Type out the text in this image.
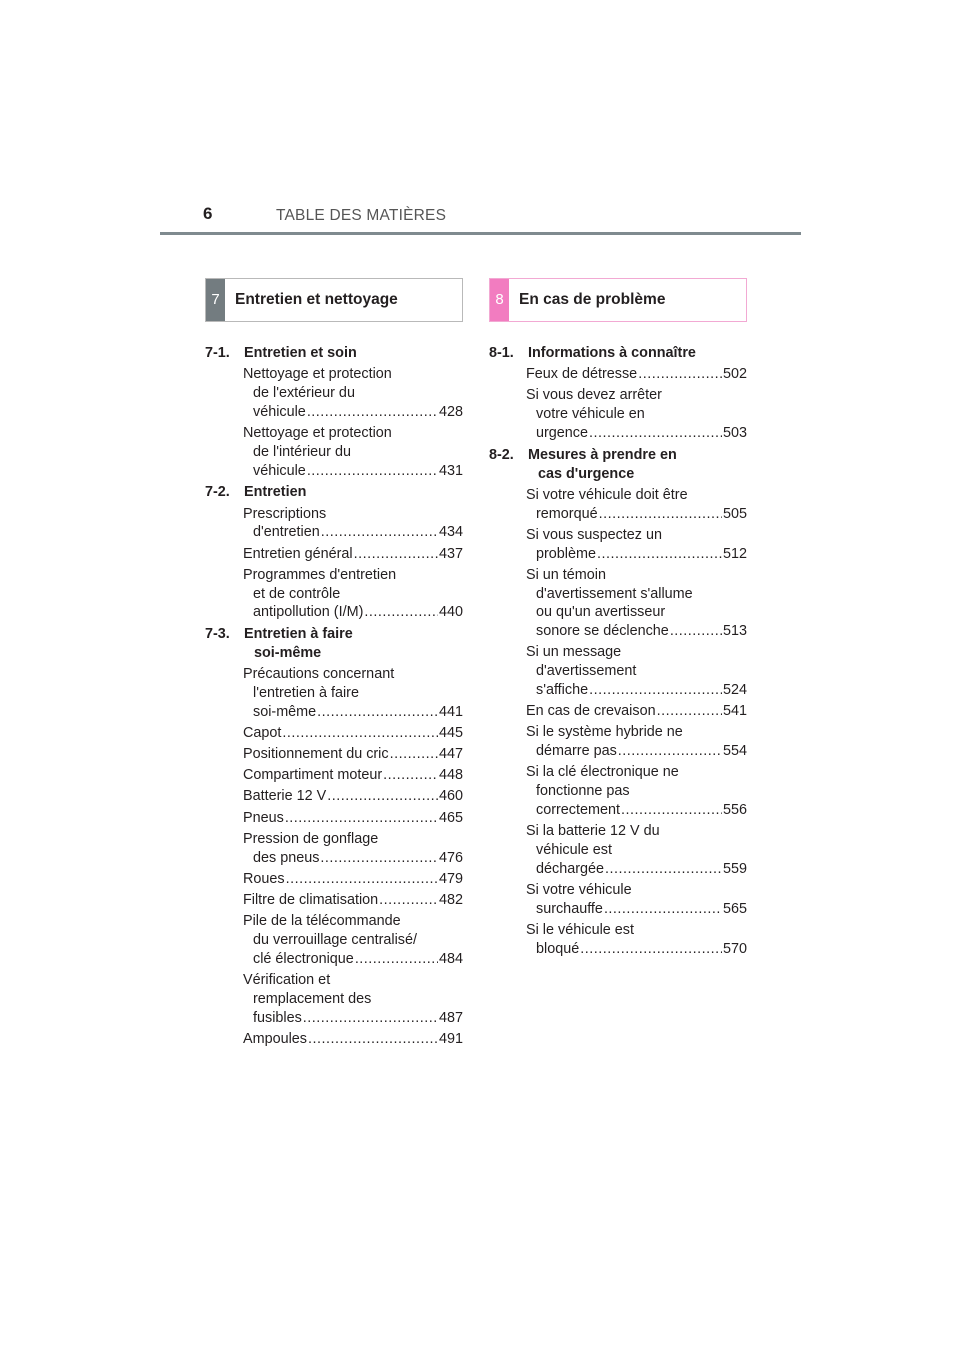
6	TABLE DES MATIÈRES
7 Entretien et nettoyage
7-1. Entretien et soin
Nettoyage et protection
de l'extérieur du
véhicule .....	428
Nettoyage et protection
de l'intérieur du
véhicule .....	431
7-2. Entretien
Prescriptions
d'entretien .....	434
Entretien général .....	437
Programmes d'entretien
et de contrôle
antipollution (I/M) .....	440
7-3. Entretien à faire
soi-même
Précautions concernant
l'entretien à faire
soi-même .....	441
Capot .....	445
Positionnement du cric .....	447
Compartiment moteur .....	448
Batterie 12 V .....	460
Pneus .....	465
Pression de gonflage
des pneus .....	476
Roues .....	479
Filtre de climatisation .....	482
Pile de la télécommande
du verrouillage centralisé/
clé électronique .....	484
Vérification et
remplacement des
fusibles .....	487
Ampoules .....	491
8 En cas de problème
8-1. Informations à connaître
Feux de détresse .....	502
Si vous devez arrêter
votre véhicule en
urgence .....	503
8-2. Mesures à prendre en
cas d'urgence
Si votre véhicule doit être
remorqué .....	505
Si vous suspectez un
problème .....	512
Si un témoin
d'avertissement s'allume
ou qu'un avertisseur
sonore se déclenche .....	513
Si un message
d'avertissement
s'affiche .....	524
En cas de crevaison .....	541
Si le système hybride ne
démarre pas .....	554
Si la clé électronique ne
fonctionne pas
correctement .....	556
Si la batterie 12 V du
véhicule est
déchargée .....	559
Si votre véhicule
surchauffe .....	565
Si le véhicule est
bloqué .....	570
